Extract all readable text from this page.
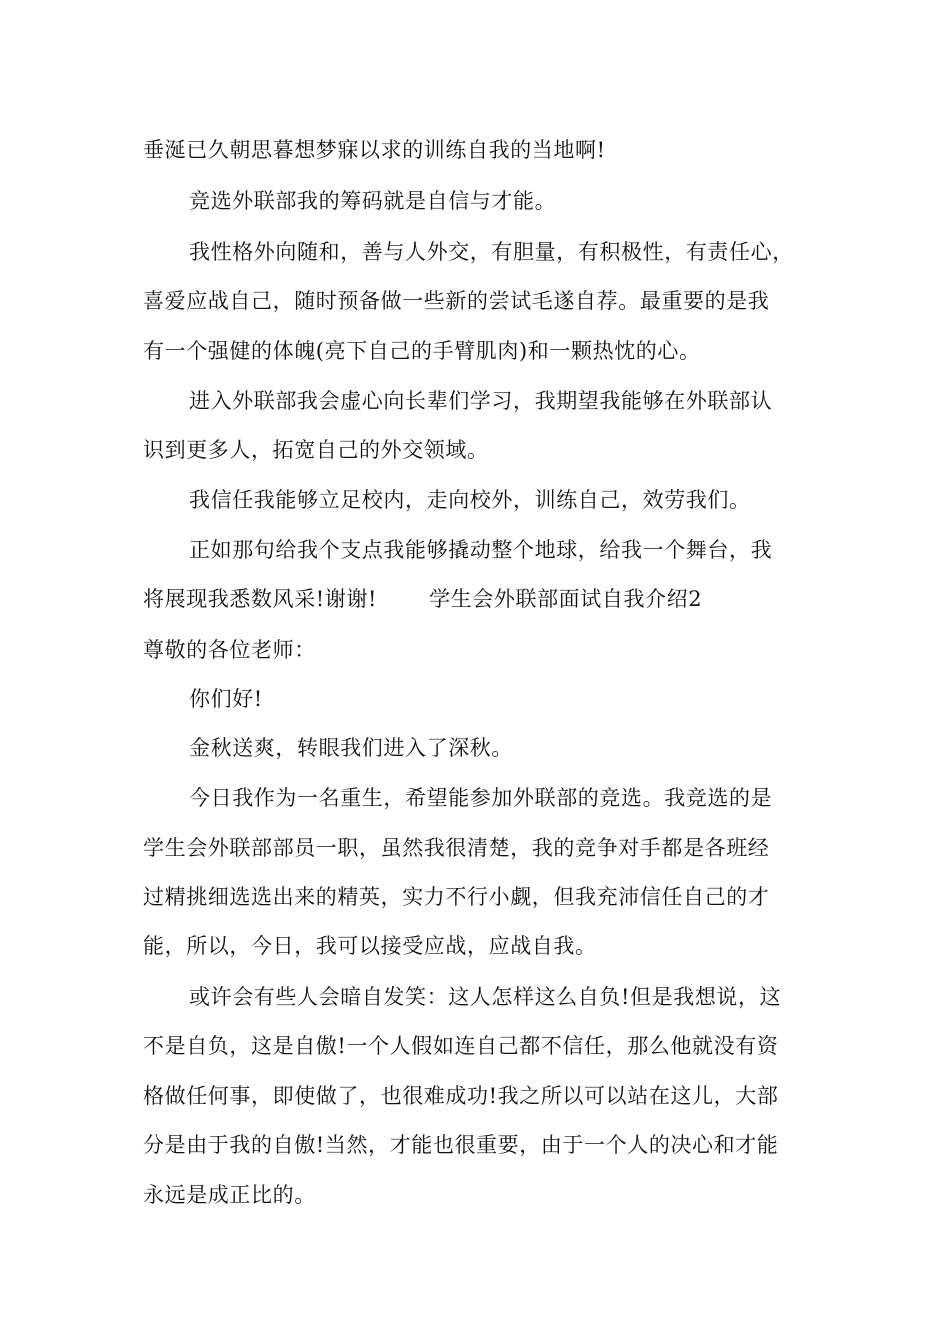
垂涎已久朝思暮想梦寐以求的训练自我的当地啊!
竞选外联部我的筹码就是自信与才能。
我性格外向随和，善与人外交，有胆量，有积极性，有责任心，
喜爱应战自己，随时预备做一些新的尝试毛遂自荐。最重要的是我
有一个强健的体魄(亮下自己的手臂肌肉)和一颗热忱的心。
进入外联部我会虚心向长辈们学习，我期望我能够在外联部认
识到更多人，拓宽自己的外交领域。
我信任我能够立足校内，走向校外，训练自己，效劳我们。
正如那句给我个支点我能够撬动整个地球，给我一个舞台，我
将展现我悉数风采!谢谢! 学生会外联部面试自我介绍2
尊敬的各位老师：
你们好!
金秋送爽，转眼我们进入了深秋。
今日我作为一名重生，希望能参加外联部的竞选。我竞选的是
学生会外联部部员一职，虽然我很清楚，我的竞争对手都是各班经
过精挑细选选出来的精英，实力不行小觑，但我充沛信任自己的才
能，所以，今日，我可以接受应战，应战自我。
或许会有些人会暗自发笑：这人怎样这么自负!但是我想说，这
不是自负，这是自傲!一个人假如连自己都不信任，那么他就没有资
格做任何事，即使做了，也很难成功!我之所以可以站在这儿，大部
分是由于我的自傲!当然，才能也很重要，由于一个人的决心和才能
永远是成正比的。
